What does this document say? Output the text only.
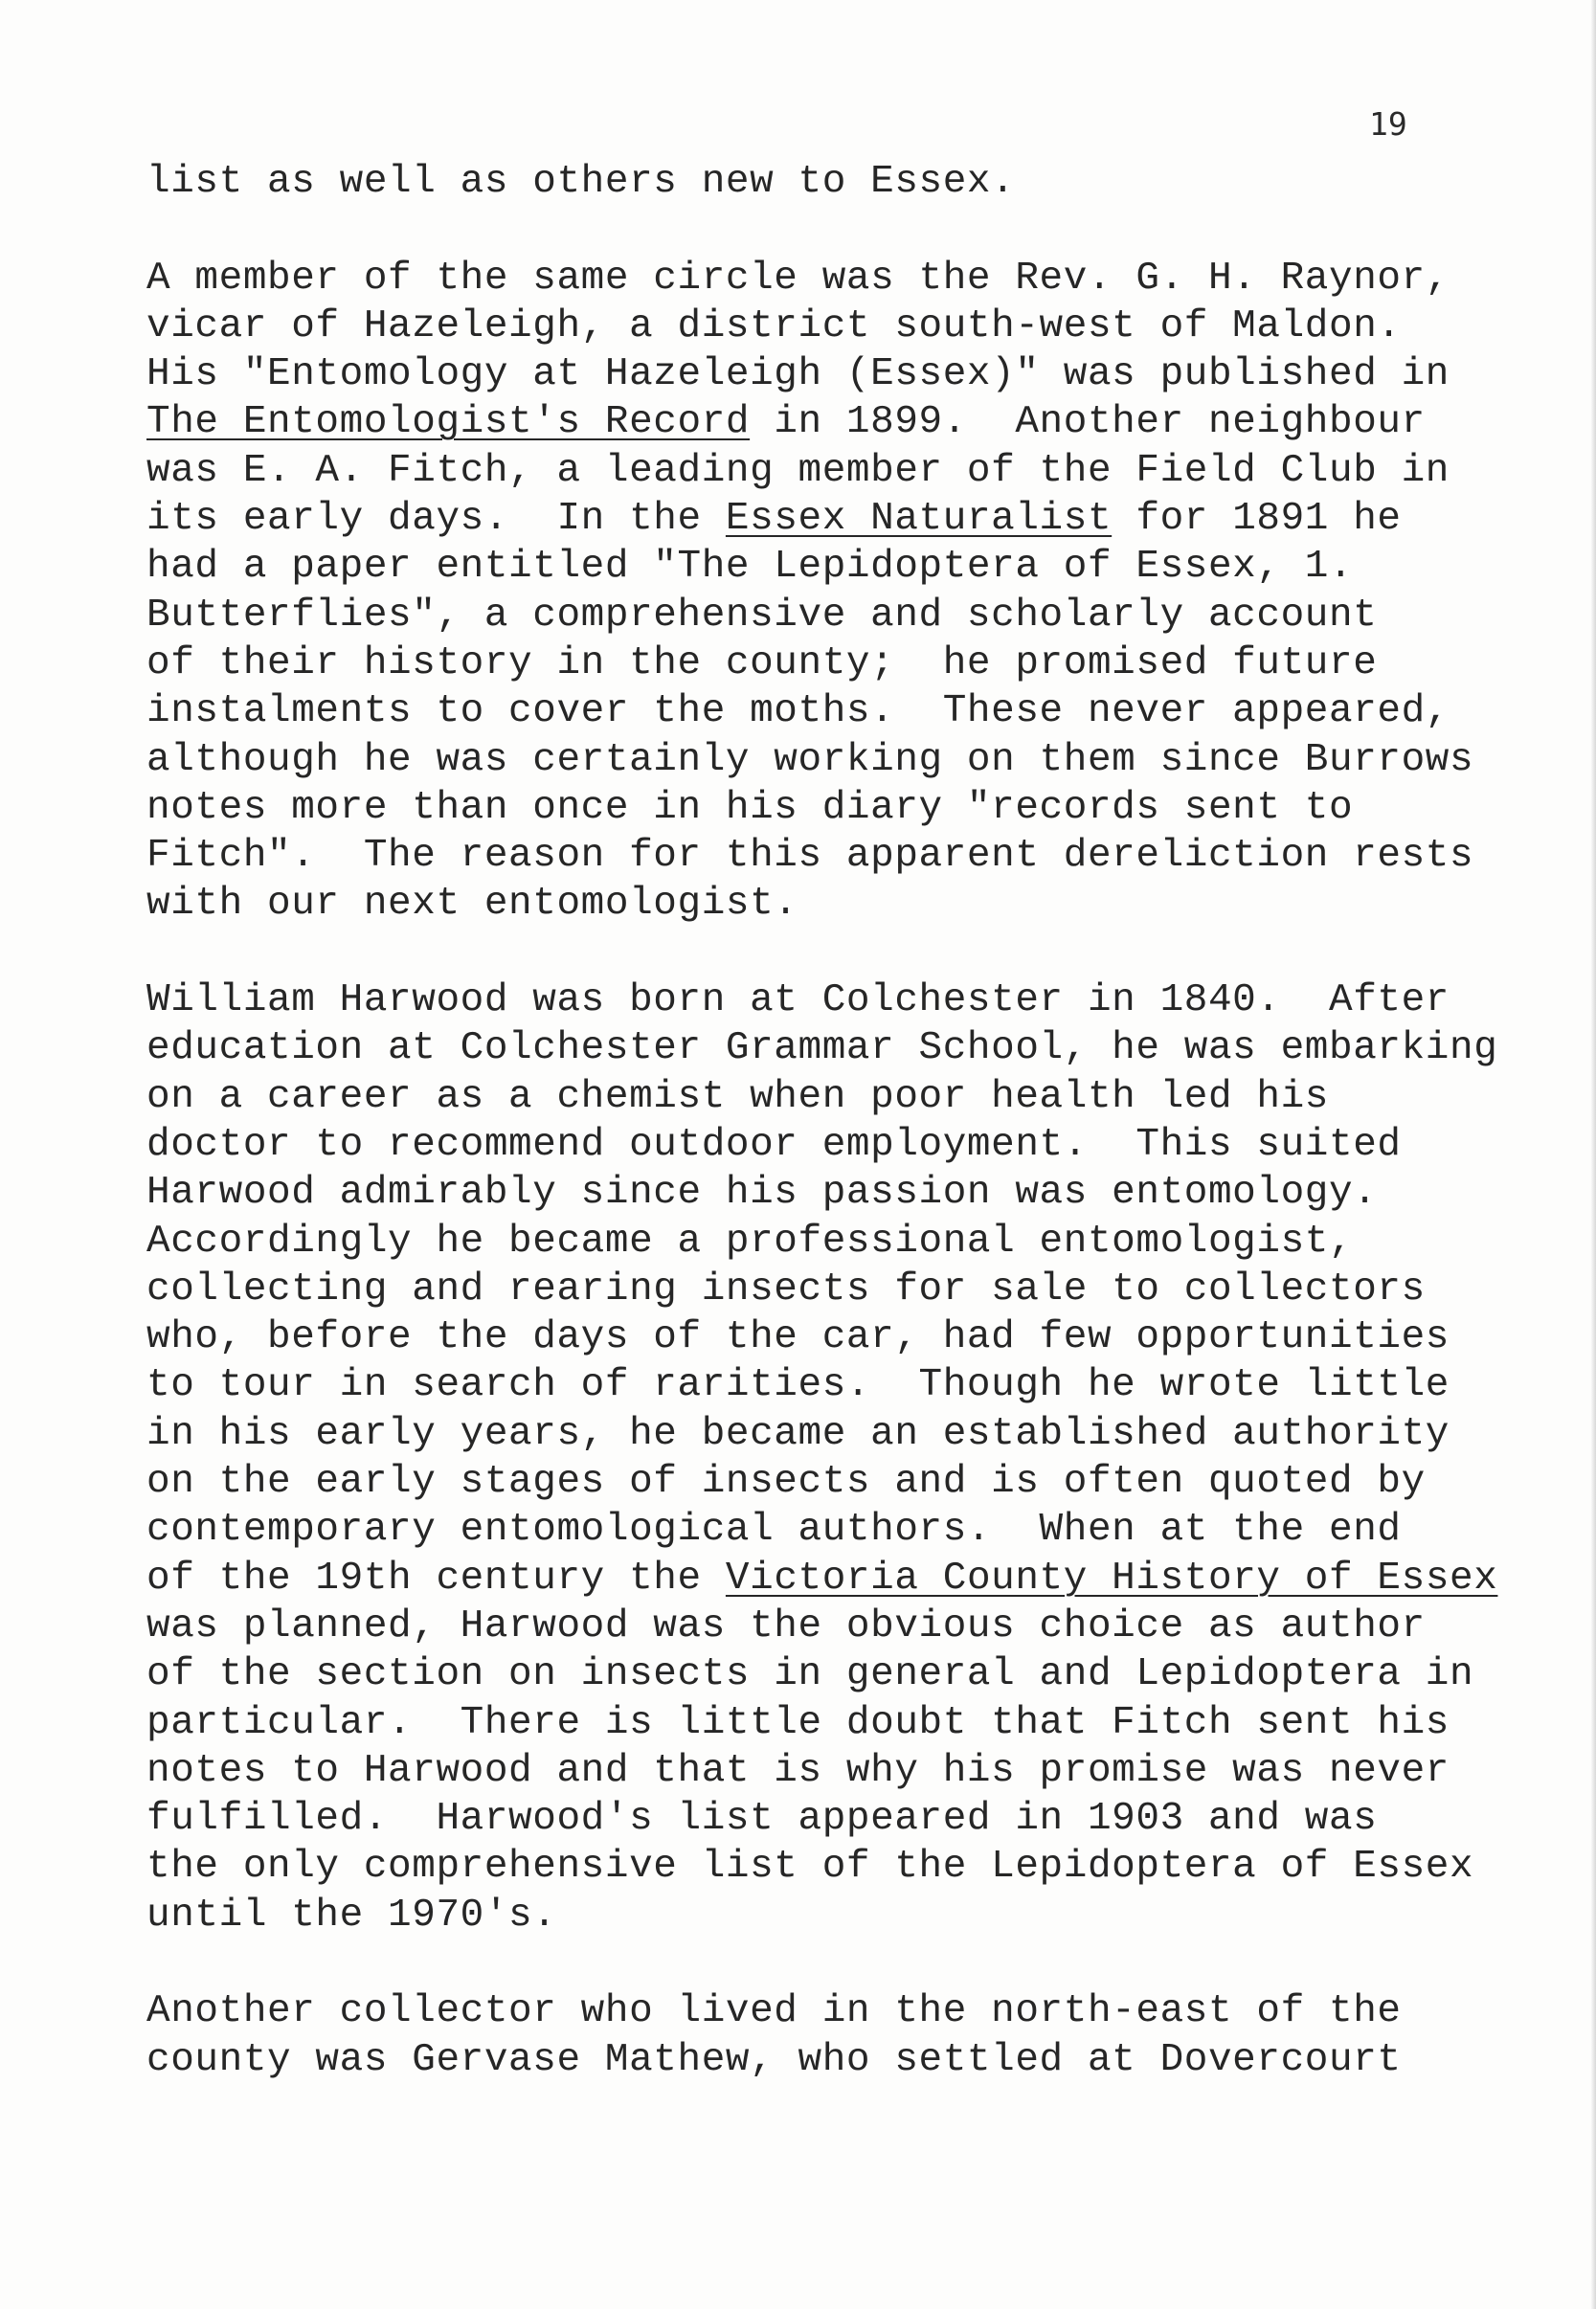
19
list as well as others new to Essex.
A member of the same circle was the Rev. G. H. Raynor,
vicar of Hazeleigh, a district south-west of Maldon.
His "Entomology at Hazeleigh (Essex)" was published in
The Entomologist's Record in 1899.  Another neighbour
was E. A. Fitch, a leading member of the Field Club in
its early days.  In the Essex Naturalist for 1891 he
had a paper entitled "The Lepidoptera of Essex, 1.
Butterflies", a comprehensive and scholarly account
of their history in the county;  he promised future
instalments to cover the moths.  These never appeared,
although he was certainly working on them since Burrows
notes more than once in his diary "records sent to
Fitch".  The reason for this apparent dereliction rests
with our next entomologist.
William Harwood was born at Colchester in 1840.  After
education at Colchester Grammar School, he was embarking
on a career as a chemist when poor health led his
doctor to recommend outdoor employment.  This suited
Harwood admirably since his passion was entomology.
Accordingly he became a professional entomologist,
collecting and rearing insects for sale to collectors
who, before the days of the car, had few opportunities
to tour in search of rarities.  Though he wrote little
in his early years, he became an established authority
on the early stages of insects and is often quoted by
contemporary entomological authors.  When at the end
of the 19th century the Victoria County History of Essex
was planned, Harwood was the obvious choice as author
of the section on insects in general and Lepidoptera in
particular.  There is little doubt that Fitch sent his
notes to Harwood and that is why his promise was never
fulfilled.  Harwood's list appeared in 1903 and was
the only comprehensive list of the Lepidoptera of Essex
until the 1970's.
Another collector who lived in the north-east of the
county was Gervase Mathew, who settled at Dovercourt
